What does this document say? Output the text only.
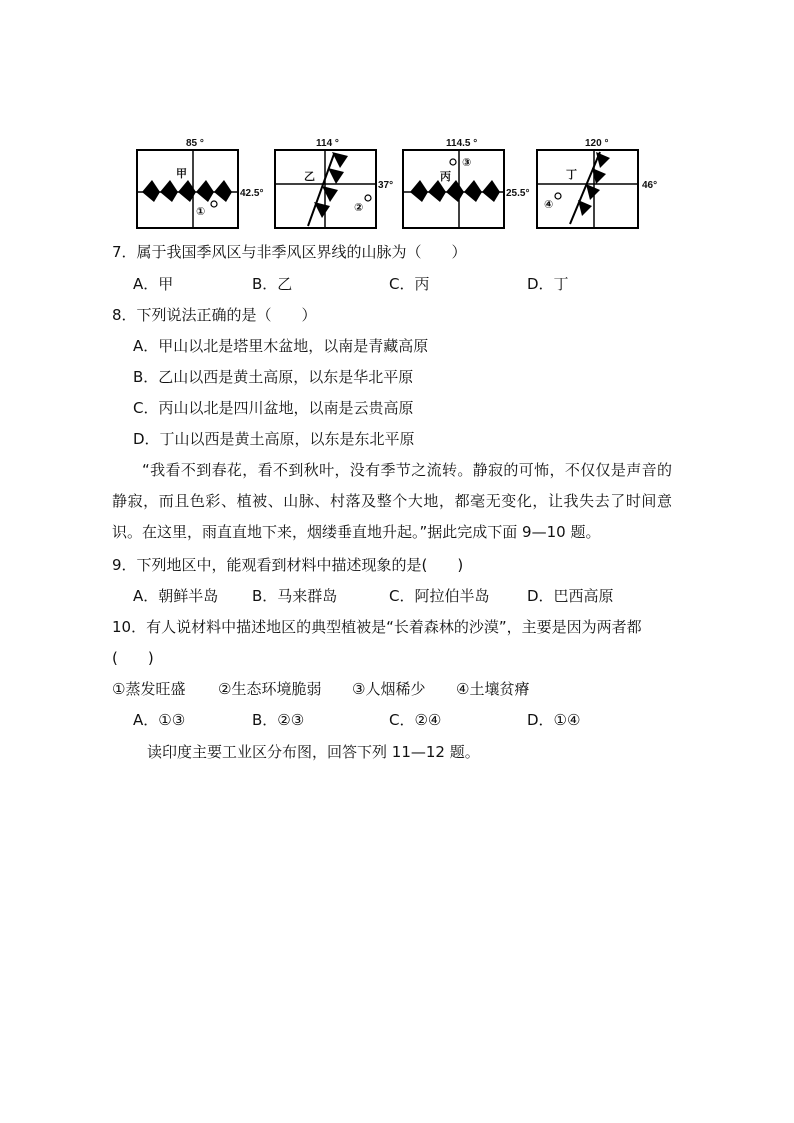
85 °
42.5°
甲
①
114 °
37°
乙
②
114.5 °
25.5°
丙
③
120 °
46°
丁
④
7．属于我国季风区与非季风区界线的山脉为（　　）
A．甲	B．乙	C．丙	D．丁
8．下列说法正确的是（　　）
A．甲山以北是塔里木盆地，以南是青藏高原
B．乙山以西是黄土高原，以东是华北平原
C．丙山以北是四川盆地，以南是云贵高原
D．丁山以西是黄土高原，以东是东北平原
“我看不到春花，看不到秋叶，没有季节之流转。静寂的可怖，不仅仅是声音的静寂，而且色彩、植被、山脉、村落及整个大地，都毫无变化，让我失去了时间意识。在这里，雨直直地下来，烟缕垂直地升起。”据此完成下面 9—10 题。
9．下列地区中，能观看到材料中描述现象的是(　　)
A．朝鲜半岛 B．马来群岛	C．阿拉伯半岛	D．巴西高原
10．有人说材料中描述地区的典型植被是“长着森林的沙漠”，主要是因为两者都
(　　)
①蒸发旺盛 ②生态环境脆弱 ③人烟稀少 ④土壤贫瘠
A．①③	B．②③	C．②④	D．①④
读印度主要工业区分布图，回答下列 11—12 题。
